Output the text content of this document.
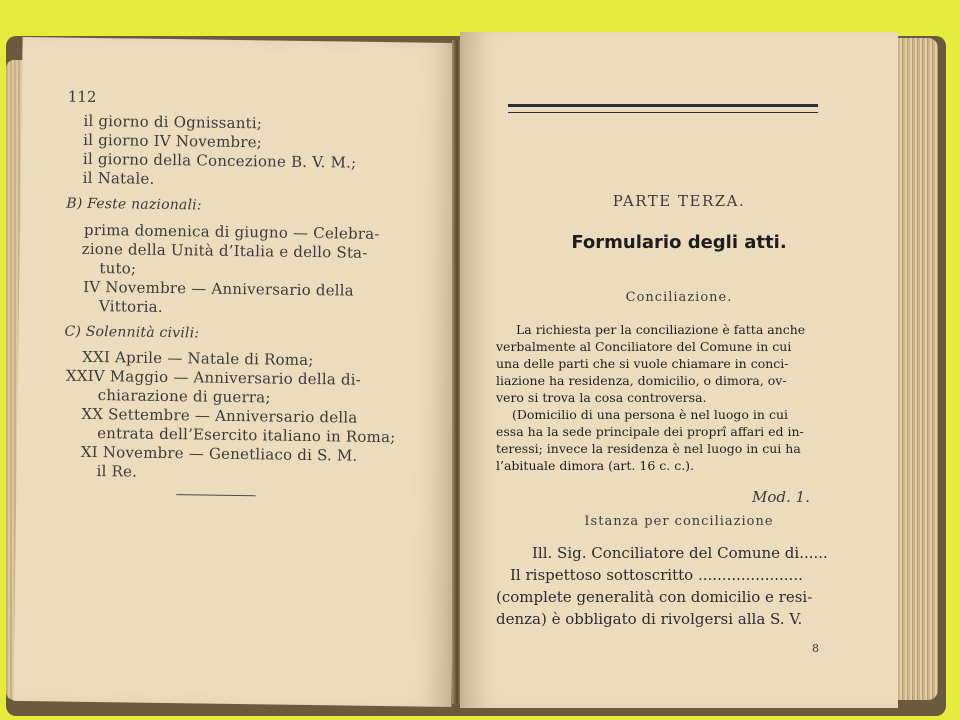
112
il giorno di Ognissanti;
il giorno IV Novembre;
il giorno della Concezione B. V. M.;
il Natale.
B) Feste nazionali:
prima domenica di giugno — Celebra-
zione della Unità d’Italia e dello Sta-
tuto;
IV Novembre — Anniversario della
Vittoria.
C) Solennità civili:
XXI Aprile — Natale di Roma;
XXIV Maggio — Anniversario della di-
chiarazione di guerra;
XX Settembre — Anniversario della
entrata dell’Esercito italiano in Roma;
XI Novembre — Genetliaco di S. M.
il Re.
PARTE TERZA.
Formulario degli atti.
Conciliazione.
La richiesta per la conciliazione è fatta anche
verbalmente al Conciliatore del Comune in cui
una delle parti che si vuole chiamare in conci-
liazione ha residenza, domicilio, o dimora, ov-
vero si trova la cosa controversa.
(Domicilio di una persona è nel luogo in cui
essa ha la sede principale dei proprî affari ed in-
teressi; invece la residenza è nel luogo in cui ha
l’abituale dimora (art. 16 c. c.).
Mod. 1.
Istanza per conciliazione
Ill. Sig. Conciliatore del Comune di......
Il rispettoso sottoscritto ......................
(complete generalità con domicilio e resi-
denza) è obbligato di rivolgersi alla S. V.
8
